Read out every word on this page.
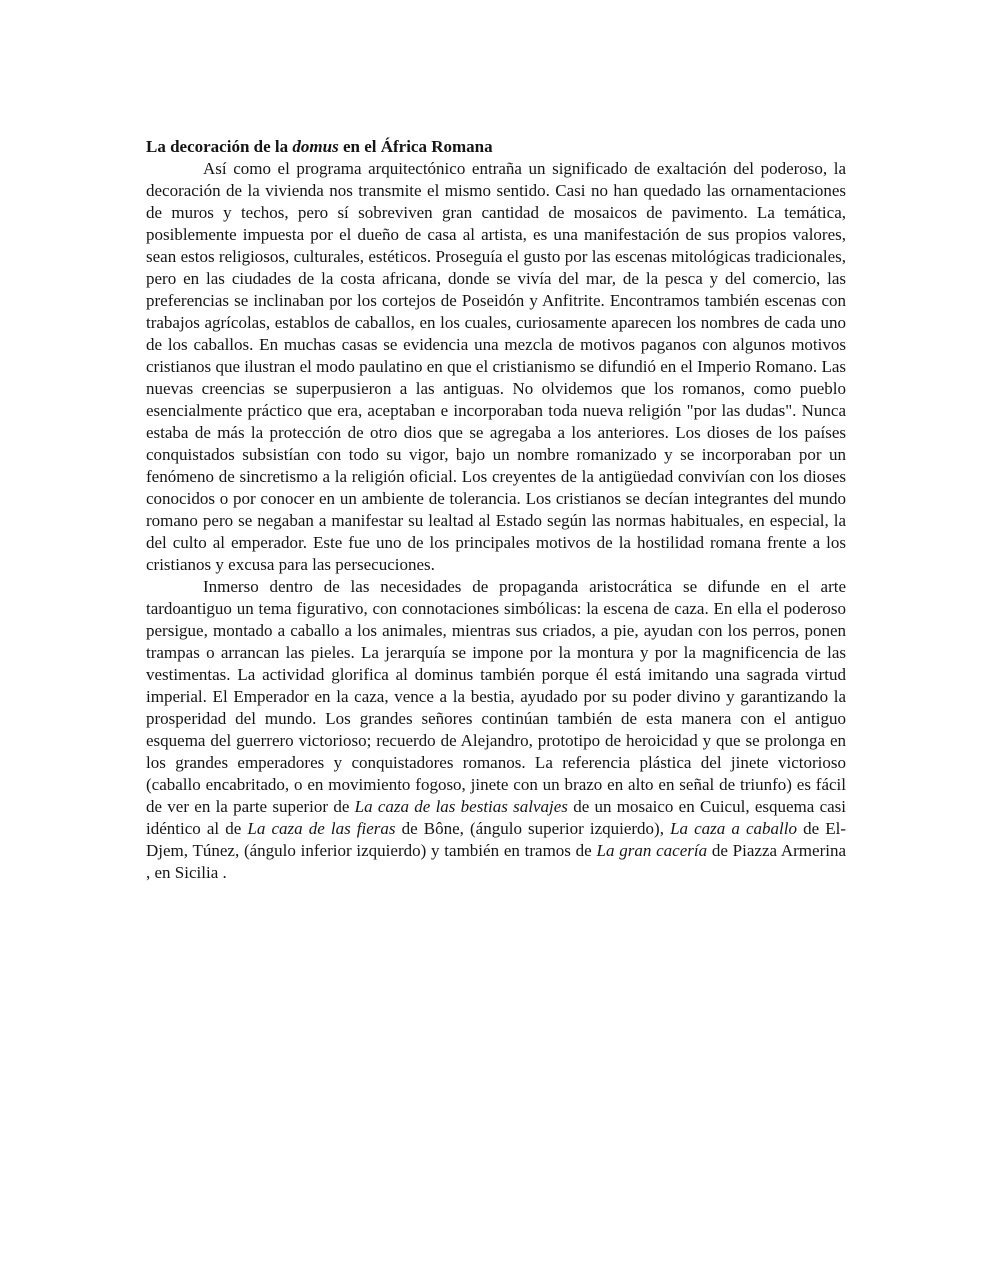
La decoración de la domus en el África Romana

Así como el programa arquitectónico entraña un significado de exaltación del poderoso, la decoración de la vivienda nos transmite el mismo sentido. Casi no han quedado las ornamentaciones de muros y techos, pero sí sobreviven gran cantidad de mosaicos de pavimento. La temática, posiblemente impuesta por el dueño de casa al artista, es una manifestación de sus propios valores, sean estos religiosos, culturales, estéticos. Proseguía el gusto por las escenas mitológicas tradicionales, pero en las ciudades de la costa africana, donde se vivía del mar, de la pesca y del comercio, las preferencias se inclinaban por los cortejos de Poseidón y Anfitrite. Encontramos también escenas con trabajos agrícolas, establos de caballos, en los cuales, curiosamente aparecen los nombres de cada uno de los caballos. En muchas casas se evidencia una mezcla de motivos paganos con algunos motivos cristianos que ilustran el modo paulatino en que el cristianismo se difundió en el Imperio Romano. Las nuevas creencias se superpusieron a las antiguas. No olvidemos que los romanos, como pueblo esencialmente práctico que era, aceptaban e incorporaban toda nueva religión "por las dudas". Nunca estaba de más la protección de otro dios que se agregaba a los anteriores. Los dioses de los países conquistados subsistían con todo su vigor, bajo un nombre romanizado y se incorporaban por un fenómeno de sincretismo a la religión oficial. Los creyentes de la antigüedad convivían con los dioses conocidos o por conocer en un ambiente de tolerancia. Los cristianos se decían integrantes del mundo romano pero se negaban a manifestar su lealtad al Estado según las normas habituales, en especial, la del culto al emperador. Este fue uno de los principales motivos de la hostilidad romana frente a los cristianos y excusa para las persecuciones.

Inmerso dentro de las necesidades de propaganda aristocrática se difunde en el arte tardoantiguo un tema figurativo, con connotaciones simbólicas: la escena de caza. En ella el poderoso persigue, montado a caballo a los animales, mientras sus criados, a pie, ayudan con los perros, ponen trampas o arrancan las pieles. La jerarquía se impone por la montura y por la magnificencia de las vestimentas. La actividad glorifica al dominus también porque él está imitando una sagrada virtud imperial. El Emperador en la caza, vence a la bestia, ayudado por su poder divino y garantizando la prosperidad del mundo. Los grandes señores continúan también de esta manera con el antiguo esquema del guerrero victorioso; recuerdo de Alejandro, prototipo de heroicidad y que se prolonga en los grandes emperadores y conquistadores romanos. La referencia plástica del jinete victorioso (caballo encabritado, o en movimiento fogoso, jinete con un brazo en alto en señal de triunfo) es fácil de ver en la parte superior de La caza de las bestias salvajes de un mosaico en Cuicul, esquema casi idéntico al de La caza de las fieras de Bône, (ángulo superior izquierdo), La caza a caballo de El-Djem, Túnez, (ángulo inferior izquierdo) y también en tramos de La gran cacería de Piazza Armerina , en Sicilia .
